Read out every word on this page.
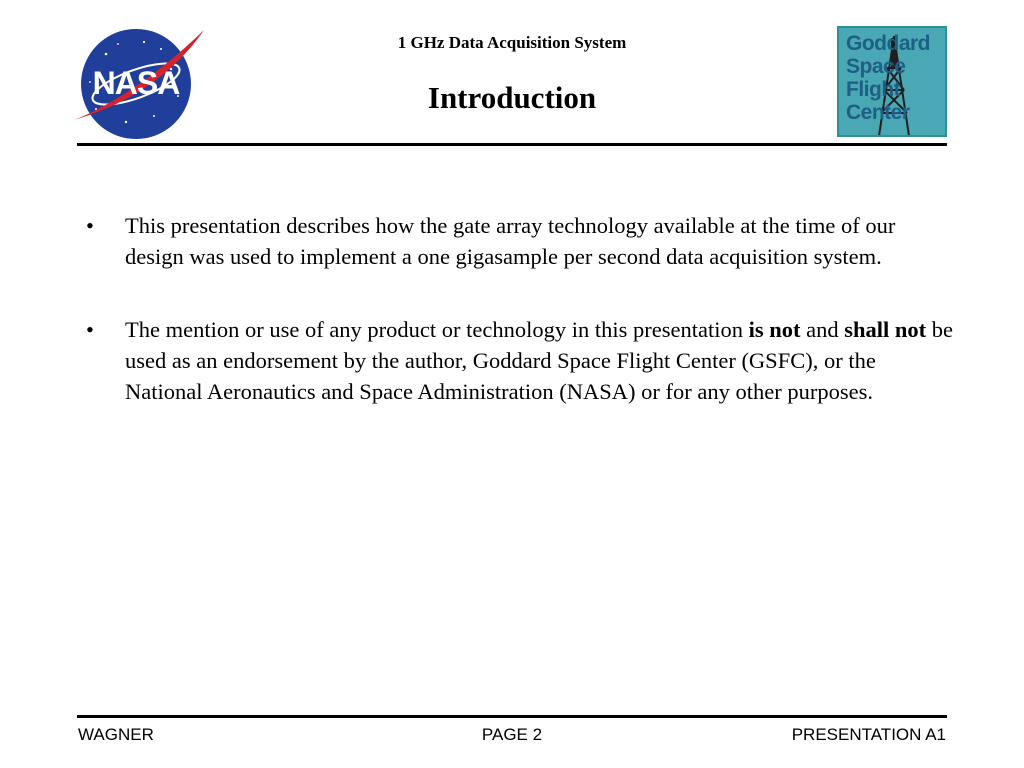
NASA
1 GHz Data Acquisition System
Introduction
Goddard
Space
Flight
Center
• This presentation describes how the gate array technology available at the time of our design was used to implement a one gigasample per second data acquisition system.
• The mention or use of any product or technology in this presentation is not and shall not be used as an endorsement by the author, Goddard Space Flight Center (GSFC), or the National Aeronautics and Space Administration (NASA) or for any other purposes.
WAGNER	PAGE 2	PRESENTATION A1
